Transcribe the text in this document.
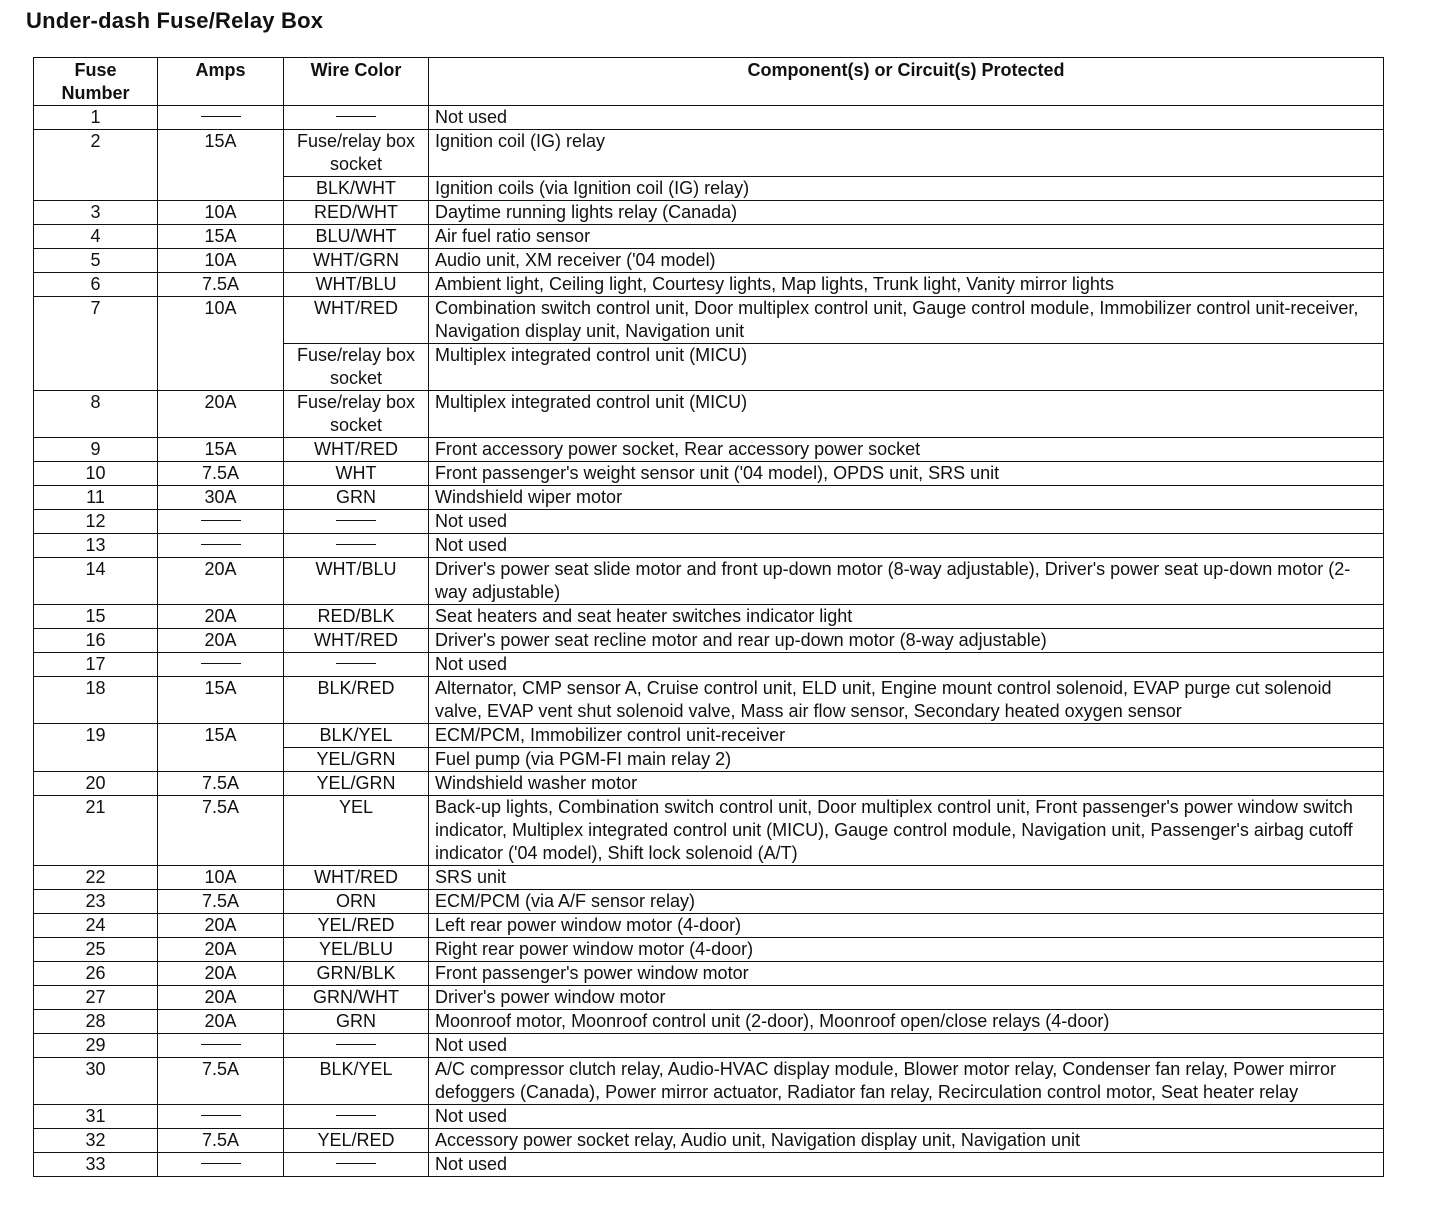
Under-dash Fuse/Relay Box
Fuse Number	Amps	Wire Color	Component(s) or Circuit(s) Protected
1			Not used
2	15A	Fuse/relay box socket	Ignition coil (IG) relay
		BLK/WHT	Ignition coils (via Ignition coil (IG) relay)
3	10A	RED/WHT	Daytime running lights relay (Canada)
4	15A	BLU/WHT	Air fuel ratio sensor
5	10A	WHT/GRN	Audio unit, XM receiver ('04 model)
6	7.5A	WHT/BLU	Ambient light, Ceiling light, Courtesy lights, Map lights, Trunk light, Vanity mirror lights
7	10A	WHT/RED	Combination switch control unit, Door multiplex control unit, Gauge control module, Immobilizer control unit-receiver, Navigation display unit, Navigation unit
		Fuse/relay box socket	Multiplex integrated control unit (MICU)
8	20A	Fuse/relay box socket	Multiplex integrated control unit (MICU)
9	15A	WHT/RED	Front accessory power socket, Rear accessory power socket
10	7.5A	WHT	Front passenger's weight sensor unit ('04 model), OPDS unit, SRS unit
11	30A	GRN	Windshield wiper motor
12			Not used
13			Not used
14	20A	WHT/BLU	Driver's power seat slide motor and front up-down motor (8-way adjustable), Driver's power seat up-down motor (2-way adjustable)
15	20A	RED/BLK	Seat heaters and seat heater switches indicator light
16	20A	WHT/RED	Driver's power seat recline motor and rear up-down motor (8-way adjustable)
17			Not used
18	15A	BLK/RED	Alternator, CMP sensor A, Cruise control unit, ELD unit, Engine mount control solenoid, EVAP purge cut solenoid valve, EVAP vent shut solenoid valve, Mass air flow sensor, Secondary heated oxygen sensor
19	15A	BLK/YEL	ECM/PCM, Immobilizer control unit-receiver
		YEL/GRN	Fuel pump (via PGM-FI main relay 2)
20	7.5A	YEL/GRN	Windshield washer motor
21	7.5A	YEL	Back-up lights, Combination switch control unit, Door multiplex control unit, Front passenger's power window switch indicator, Multiplex integrated control unit (MICU), Gauge control module, Navigation unit, Passenger's airbag cutoff indicator ('04 model), Shift lock solenoid (A/T)
22	10A	WHT/RED	SRS unit
23	7.5A	ORN	ECM/PCM (via A/F sensor relay)
24	20A	YEL/RED	Left rear power window motor (4-door)
25	20A	YEL/BLU	Right rear power window motor (4-door)
26	20A	GRN/BLK	Front passenger's power window motor
27	20A	GRN/WHT	Driver's power window motor
28	20A	GRN	Moonroof motor, Moonroof control unit (2-door), Moonroof open/close relays (4-door)
29			Not used
30	7.5A	BLK/YEL	A/C compressor clutch relay, Audio-HVAC display module, Blower motor relay, Condenser fan relay, Power mirror defoggers (Canada), Power mirror actuator, Radiator fan relay, Recirculation control motor, Seat heater relay
31			Not used
32	7.5A	YEL/RED	Accessory power socket relay, Audio unit, Navigation display unit, Navigation unit
33			Not used
